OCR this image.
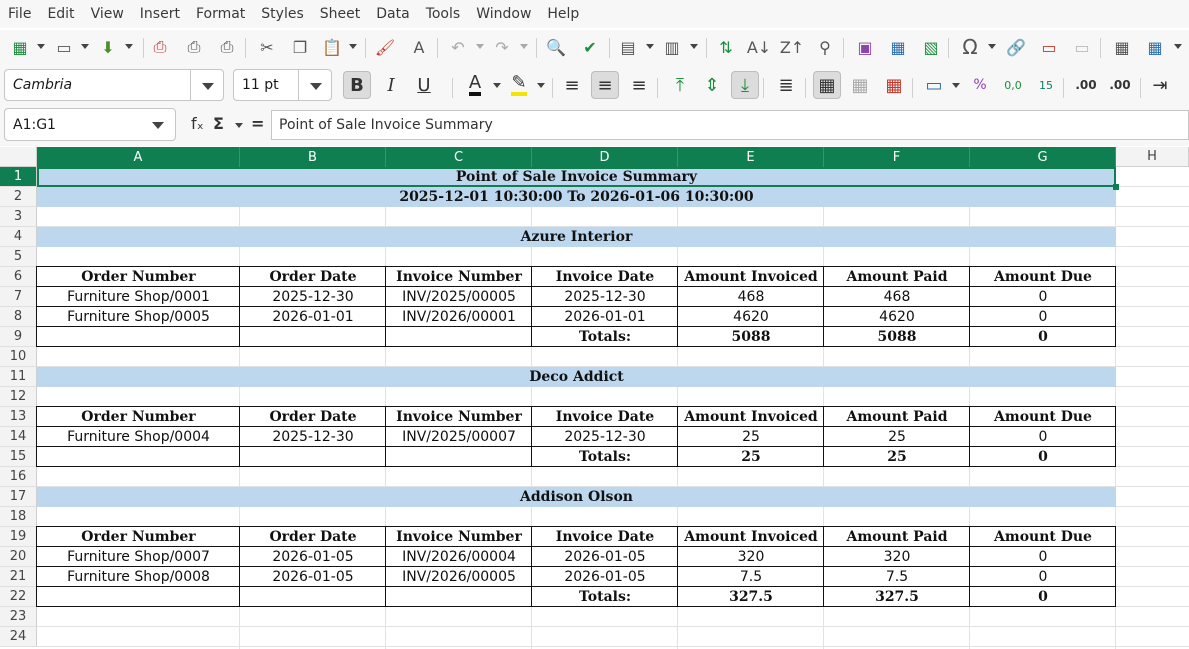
File	Edit	View	Insert	Format	Styles	Sheet	Data	Tools	Window	Help
▦ ▭	⬇	⎙	⎙	⎙	✂	❐ 📋 🖌	A	↶	↷	🔍	✔	▤ ▥	⇅ A↓ Z↑ ⚲	▣ ▦ ▧ Ω 🔗 ▭ ▭ ▦ ▦
Cambria	11 pt	B	I	U	A ✎	≡ ≡	≡	⤒	⇕	⤓	≣	▦ ▦ ▦	▭	%	0,0	15	.00 .00	⇥
A1:G1	fₓ Σ =	Point of Sale Invoice Summary
A	B	C	D	E	F	G	H
1
2
3
4
5
6
7
8
9
10
11
12
13
14
15
16
17
18
19
20
21
22
23
24
Point of Sale Invoice Summary
2025-12-01 10:30:00 To 2026-01-06 10:30:00
Azure Interior
Order Number	Order Date	Invoice Number	Invoice Date	Amount Invoiced	Amount Paid	Amount Due
Furniture Shop/0001	2025-12-30	INV/2025/00005	2025-12-30	468	468	0
Furniture Shop/0005	2026-01-01	INV/2026/00001	2026-01-01	4620	4620	0
Totals:	5088	5088	0
Deco Addict
Order Number	Order Date	Invoice Number	Invoice Date	Amount Invoiced	Amount Paid	Amount Due
Furniture Shop/0004	2025-12-30	INV/2025/00007	2025-12-30	25	25	0
Totals:	25	25	0
Addison Olson
Order Number	Order Date	Invoice Number	Invoice Date	Amount Invoiced	Amount Paid	Amount Due
Furniture Shop/0007	2026-01-05	INV/2026/00004	2026-01-05	320	320	0
Furniture Shop/0008	2026-01-05	INV/2026/00005	2026-01-05	7.5	7.5	0
Totals:	327.5	327.5	0
